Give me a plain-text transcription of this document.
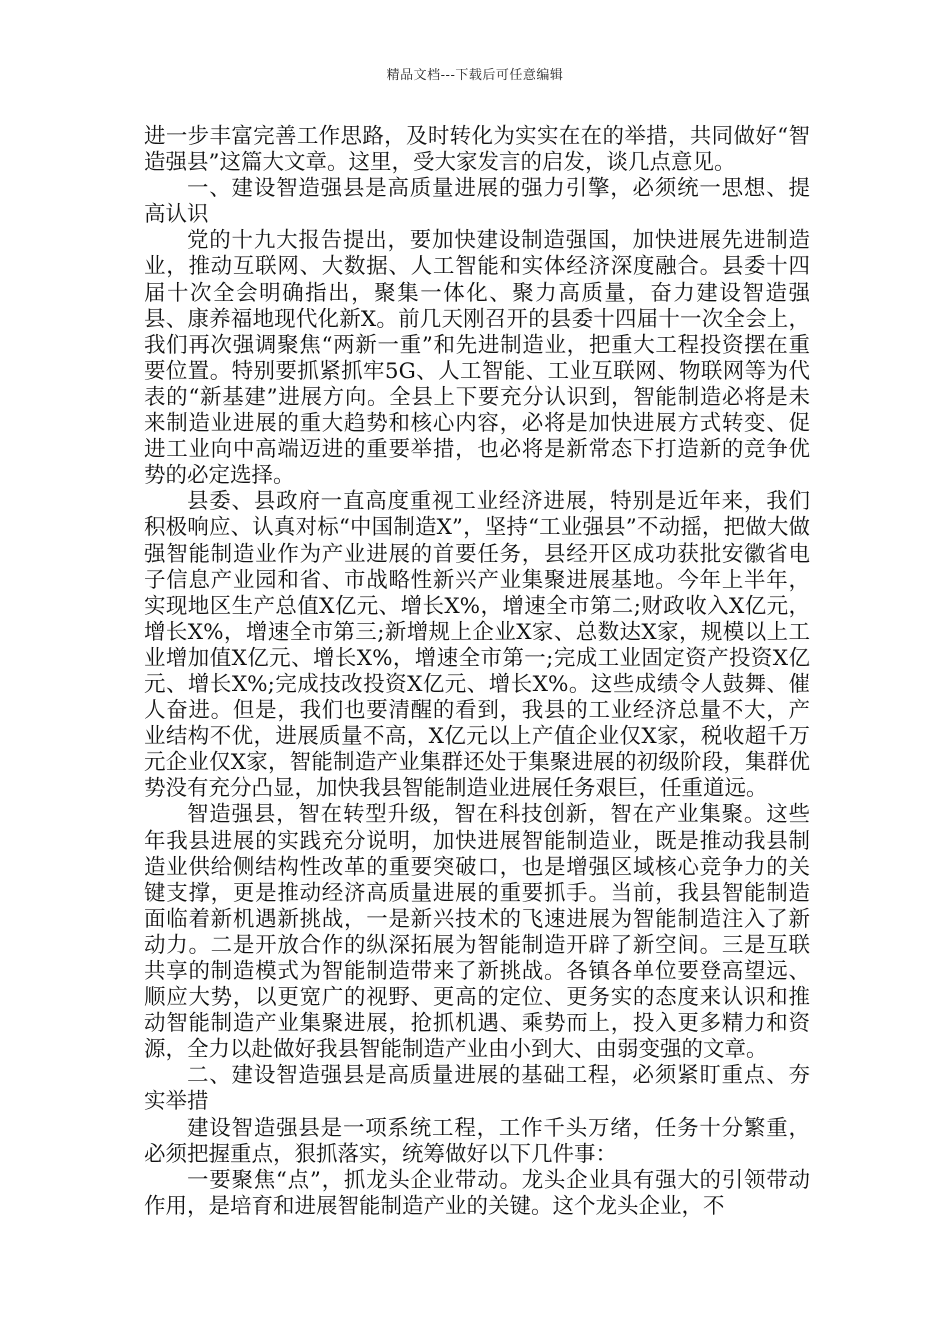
精品文档---下载后可任意编辑

进一步丰富完善工作思路，及时转化为实实在在的举措，共同做好“智造强县”这篇大文章。这里，受大家发言的启发，谈几点意见。

一、建设智造强县是高质量进展的强力引擎，必须统一思想、提高认识

党的十九大报告提出，要加快建设制造强国，加快进展先进制造业，推动互联网、大数据、人工智能和实体经济深度融合。县委十四届十次全会明确指出，聚集一体化、聚力高质量，奋力建设智造强县、康养福地现代化新X。前几天刚召开的县委十四届十一次全会上，我们再次强调聚焦“两新一重”和先进制造业，把重大工程投资摆在重要位置。特别要抓紧抓牢5G、人工智能、工业互联网、物联网等为代表的“新基建”进展方向。全县上下要充分认识到，智能制造必将是未来制造业进展的重大趋势和核心内容，必将是加快进展方式转变、促进工业向中高端迈进的重要举措，也必将是新常态下打造新的竞争优势的必定选择。

县委、县政府一直高度重视工业经济进展，特别是近年来，我们积极响应、认真对标“中国制造X”，坚持“工业强县”不动摇，把做大做强智能制造业作为产业进展的首要任务，县经开区成功获批安徽省电子信息产业园和省、市战略性新兴产业集聚进展基地。今年上半年，实现地区生产总值X亿元、增长X%，增速全市第二;财政收入X亿元，增长X%，增速全市第三;新增规上企业X家、总数达X家，规模以上工业增加值X亿元、增长X%，增速全市第一;完成工业固定资产投资X亿元、增长X%;完成技改投资X亿元、增长X%。这些成绩令人鼓舞、催人奋进。但是，我们也要清醒的看到，我县的工业经济总量不大，产业结构不优，进展质量不高，X亿元以上产值企业仅X家，税收超千万元企业仅X家，智能制造产业集群还处于集聚进展的初级阶段，集群优势没有充分凸显，加快我县智能制造业进展任务艰巨，任重道远。

智造强县，智在转型升级，智在科技创新，智在产业集聚。这些年我县进展的实践充分说明，加快进展智能制造业，既是推动我县制造业供给侧结构性改革的重要突破口，也是增强区域核心竞争力的关键支撑，更是推动经济高质量进展的重要抓手。当前，我县智能制造面临着新机遇新挑战，一是新兴技术的飞速进展为智能制造注入了新动力。二是开放合作的纵深拓展为智能制造开辟了新空间。三是互联共享的制造模式为智能制造带来了新挑战。各镇各单位要登高望远、顺应大势，以更宽广的视野、更高的定位、更务实的态度来认识和推动智能制造产业集聚进展，抢抓机遇、乘势而上，投入更多精力和资源，全力以赴做好我县智能制造产业由小到大、由弱变强的文章。

二、建设智造强县是高质量进展的基础工程，必须紧盯重点、夯实举措

建设智造强县是一项系统工程，工作千头万绪，任务十分繁重，必须把握重点，狠抓落实，统筹做好以下几件事：

一要聚焦“点”，抓龙头企业带动。龙头企业具有强大的引领带动作用，是培育和进展智能制造产业的关键。这个龙头企业，不
